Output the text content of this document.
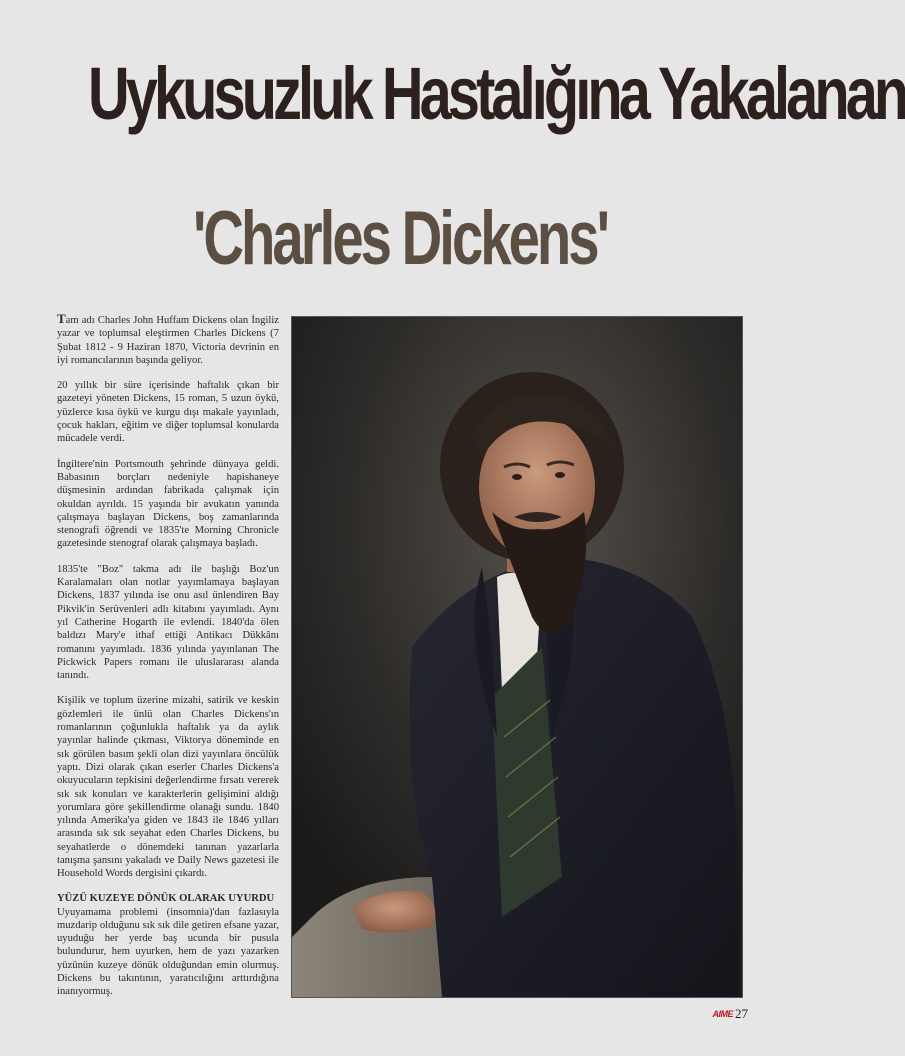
Uykusuzluk Hastalığına Yakalanan
'Charles Dickens'

Tam adı Charles John Huffam Dickens olan İngiliz yazar ve toplumsal eleştirmen Charles Dickens (7 Şubat 1812 - 9 Haziran 1870, Victoria devrinin en iyi romancılarının başında geliyor.

20 yıllık bir süre içerisinde haftalık çıkan bir gazeteyi yöneten Dickens, 15 roman, 5 uzun öykü, yüzlerce kısa öykü ve kurgu dışı makale yayınladı, çocuk hakları, eğitim ve diğer toplumsal konularda mücadele verdi.

İngiltere'nin Portsmouth şehrinde dünyaya geldi. Babasının borçları nedeniyle hapishaneye düşmesinin ardından fabrikada çalışmak için okuldan ayrıldı. 15 yaşında bir avukatın yanında çalışmaya başlayan Dickens, boş zamanlarında stenografi öğrendi ve 1835'te Morning Chronicle gazetesinde stenograf olarak çalışmaya başladı.

1835'te "Boz" takma adı ile başlığı Boz'un Karalamaları olan notlar yayımlamaya başlayan Dickens, 1837 yılında ise onu asıl ünlendiren Bay Pikvik'in Serüvenleri adlı kitabını yayımladı. Aynı yıl Catherine Hogarth ile evlendi. 1840'da ölen baldızı Mary'e ithaf ettiği Antikacı Dükkânı romanını yayımladı. 1836 yılında yayınlanan The Pickwick Papers romanı ile uluslararası alanda tanındı.

Kişilik ve toplum üzerine mizahi, satirik ve keskin gözlemleri ile ünlü olan Charles Dickens'ın romanlarının çoğunlukla haftalık ya da aylık yayınlar halinde çıkması, Viktorya döneminde en sık görülen basım şekli olan dizi yayınlara öncülük yaptı. Dizi olarak çıkan eserler Charles Dickens'a okuyucuların tepkisini değerlendirme fırsatı vererek sık sık konuları ve karakterlerin gelişimini aldığı yorumlara göre şekillendirme olanağı sundu. 1840 yılında Amerika'ya giden ve 1843 ile 1846 yılları arasında sık sık seyahat eden Charles Dickens, bu seyahatlerde o dönemdeki tanınan yazarlarla tanışma şansını yakaladı ve Daily News gazetesi ile Household Words dergisini çıkardı.

YÜZÜ KUZEYE DÖNÜK OLARAK UYURDU

Uyuyamama problemi (insomnia)'dan fazlasıyla muzdarip olduğunu sık sık dile getiren efsane yazar, uyuduğu her yerde baş ucunda bir pusula bulundurur, hem uyurken, hem de yazı yazarken yüzünün kuzeye dönük olduğundan emin olurmuş. Dickens bu takıntının, yaratıcılığını arttırdığına inanıyormuş.

AIME 27
